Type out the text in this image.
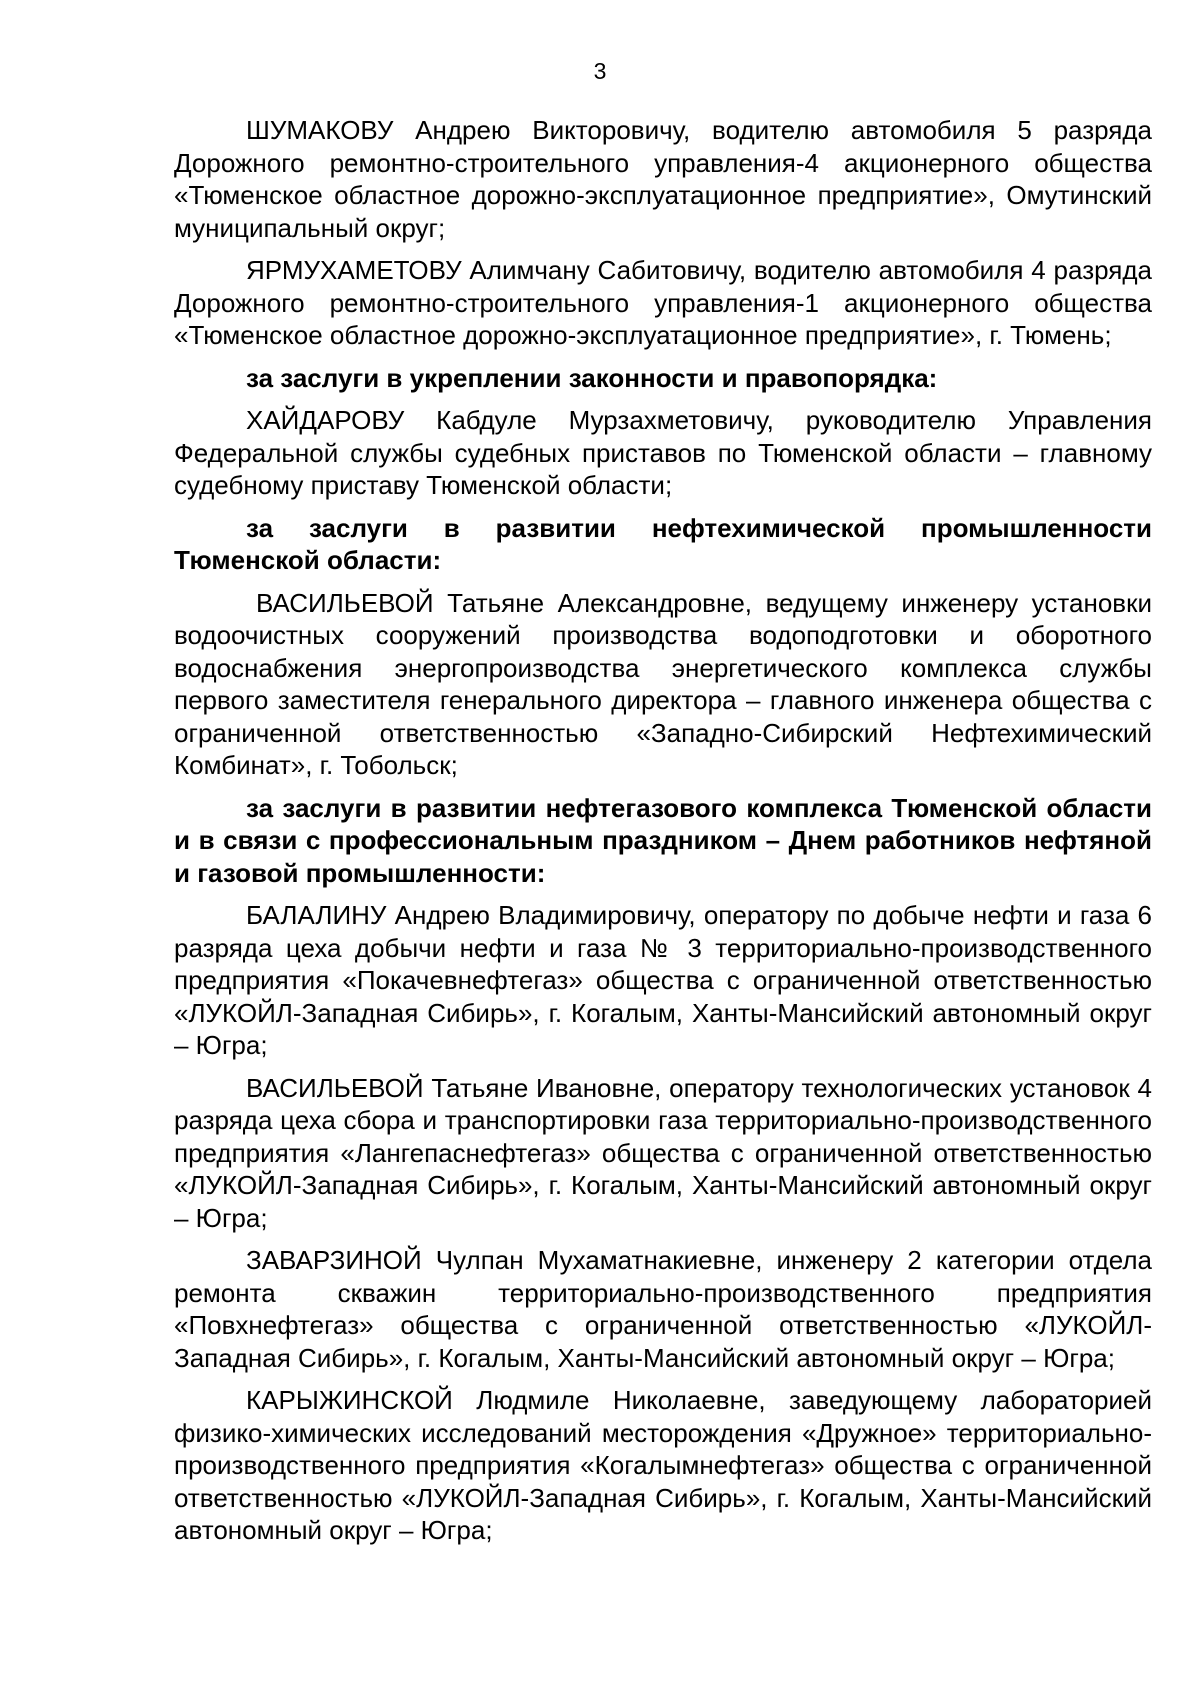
3

ШУМАКОВУ Андрею Викторовичу, водителю автомобиля 5 разряда Дорожного ремонтно-строительного управления-4 акционерного общества «Тюменское областное дорожно-эксплуатационное предприятие», Омутинский муниципальный округ;

ЯРМУХАМЕТОВУ Алимчану Сабитовичу, водителю автомобиля 4 разряда Дорожного ремонтно-строительного управления-1 акционерного общества «Тюменское областное дорожно-эксплуатационное предприятие», г. Тюмень;

за заслуги в укреплении законности и правопорядка:

ХАЙДАРОВУ Кабдуле Мурзахметовичу, руководителю Управления Федеральной службы судебных приставов по Тюменской области – главному судебному приставу Тюменской области;

за заслуги в развитии нефтехимической промышленности Тюменской области:

ВАСИЛЬЕВОЙ Татьяне Александровне, ведущему инженеру установки водоочистных сооружений производства водоподготовки и оборотного водоснабжения энергопроизводства энергетического комплекса службы первого заместителя генерального директора – главного инженера общества с ограниченной ответственностью «Западно-Сибирский Нефтехимический Комбинат», г. Тобольск;

за заслуги в развитии нефтегазового комплекса Тюменской области и в связи с профессиональным праздником – Днем работников нефтяной и газовой промышленности:

БАЛАЛИНУ Андрею Владимировичу, оператору по добыче нефти и газа 6 разряда цеха добычи нефти и газа № 3 территориально-производственного предприятия «Покачевнефтегаз» общества с ограниченной ответственностью «ЛУКОЙЛ-Западная Сибирь», г. Когалым, Ханты-Мансийский автономный округ – Югра;

ВАСИЛЬЕВОЙ Татьяне Ивановне, оператору технологических установок 4 разряда цеха сбора и транспортировки газа территориально-производственного предприятия «Лангепаснефтегаз» общества с ограниченной ответственностью «ЛУКОЙЛ-Западная Сибирь», г. Когалым, Ханты-Мансийский автономный округ – Югра;

ЗАВАРЗИНОЙ Чулпан Мухаматнакиевне, инженеру 2 категории отдела ремонта скважин территориально-производственного предприятия «Повхнефтегаз» общества с ограниченной ответственностью «ЛУКОЙЛ-Западная Сибирь», г. Когалым, Ханты-Мансийский автономный округ – Югра;

КАРЫЖИНСКОЙ Людмиле Николаевне, заведующему лабораторией физико-химических исследований месторождения «Дружное» территориально-производственного предприятия «Когалымнефтегаз» общества с ограниченной ответственностью «ЛУКОЙЛ-Западная Сибирь», г. Когалым, Ханты-Мансийский автономный округ – Югра;
